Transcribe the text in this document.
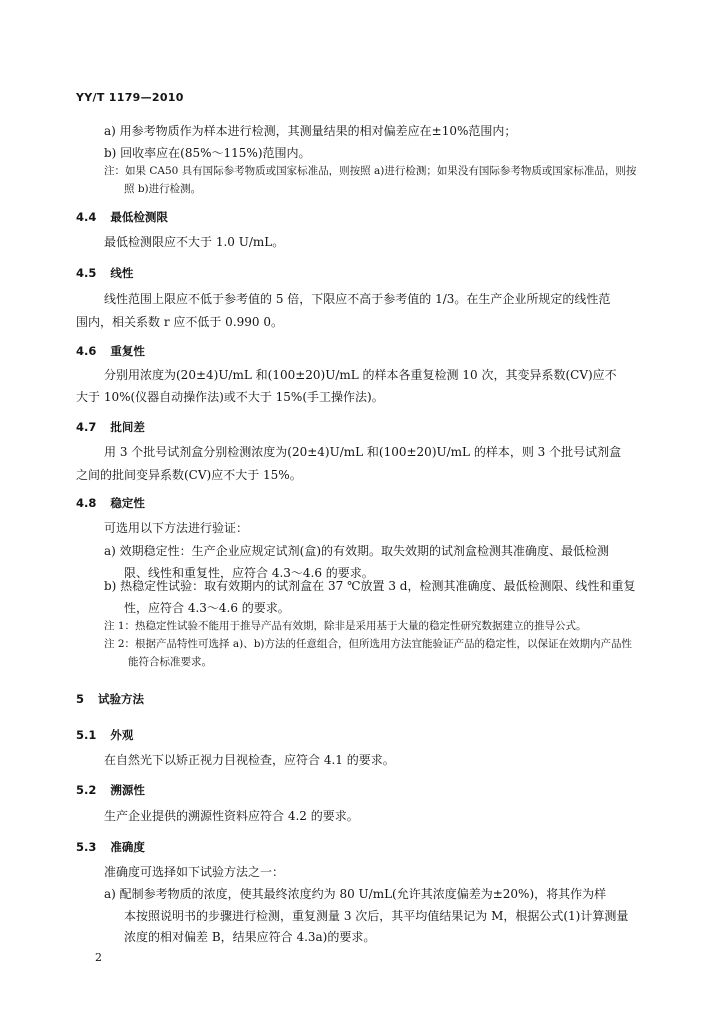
YY/T 1179—2010
a) 用参考物质作为样本进行检测，其测量结果的相对偏差应在±10%范围内；
b) 回收率应在(85%～115%)范围内。
注：如果 CA50 具有国际参考物质或国家标准品，则按照 a)进行检测；如果没有国际参考物质或国家标准品，则按
照 b)进行检测。
4.4 最低检测限
最低检测限应不大于 1.0 U/mL。
4.5 线性
线性范围上限应不低于参考值的 5 倍，下限应不高于参考值的 1/3。在生产企业所规定的线性范
围内，相关系数 r 应不低于 0.990 0。
4.6 重复性
分别用浓度为(20±4)U/mL 和(100±20)U/mL 的样本各重复检测 10 次，其变异系数(CV)应不
大于 10%(仪器自动操作法)或不大于 15%(手工操作法)。
4.7 批间差
用 3 个批号试剂盒分别检测浓度为(20±4)U/mL 和(100±20)U/mL 的样本，则 3 个批号试剂盒
之间的批间变异系数(CV)应不大于 15%。
4.8 稳定性
可选用以下方法进行验证：
a) 效期稳定性：生产企业应规定试剂(盒)的有效期。取失效期的试剂盒检测其准确度、最低检测
限、线性和重复性，应符合 4.3～4.6 的要求。
b) 热稳定性试验：取有效期内的试剂盒在 37 ℃放置 3 d，检测其准确度、最低检测限、线性和重复
性，应符合 4.3～4.6 的要求。
注 1：热稳定性试验不能用于推导产品有效期，除非是采用基于大量的稳定性研究数据建立的推导公式。
注 2：根据产品特性可选择 a)、b)方法的任意组合，但所选用方法宜能验证产品的稳定性，以保证在效期内产品性
能符合标准要求。
5 试验方法
5.1 外观
在自然光下以矫正视力目视检查，应符合 4.1 的要求。
5.2 溯源性
生产企业提供的溯源性资料应符合 4.2 的要求。
5.3 准确度
准确度可选择如下试验方法之一：
a) 配制参考物质的浓度，使其最终浓度约为 80 U/mL(允许其浓度偏差为±20%)，将其作为样
本按照说明书的步骤进行检测，重复测量 3 次后，其平均值结果记为 M，根据公式(1)计算测量
浓度的相对偏差 B，结果应符合 4.3a)的要求。
2
